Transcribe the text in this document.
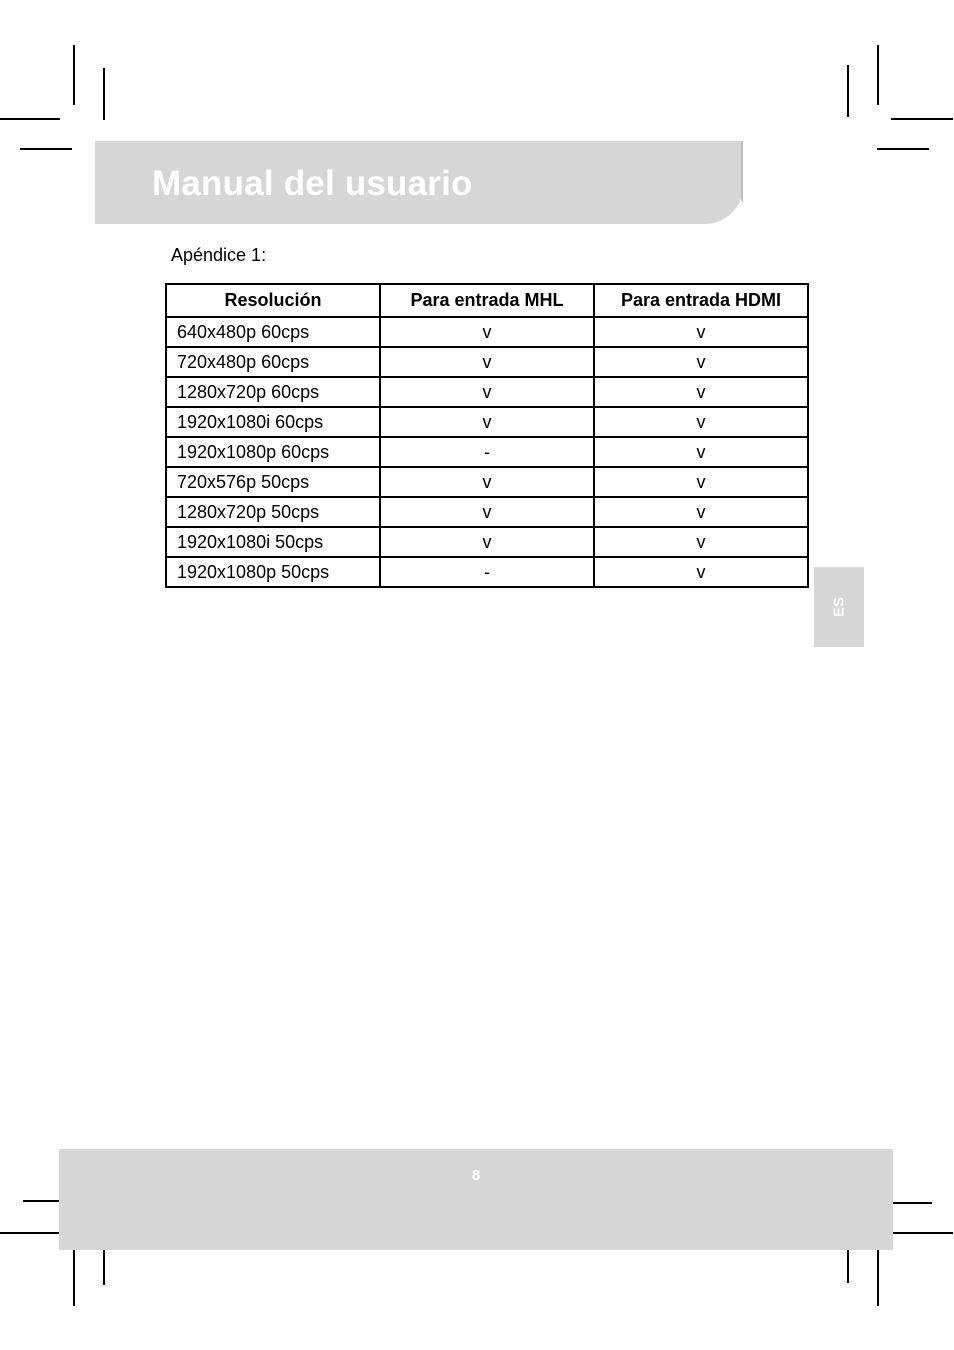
Manual del usuario
Apéndice 1:
Resolución	Para entrada MHL	Para entrada HDMI
640x480p 60cps	v	v
720x480p 60cps	v	v
1280x720p 60cps	v	v
1920x1080i 60cps	v	v
1920x1080p 60cps	-	v
720x576p 50cps	v	v
1280x720p 50cps	v	v
1920x1080i 50cps	v	v
1920x1080p 50cps	-	v
ES
8
